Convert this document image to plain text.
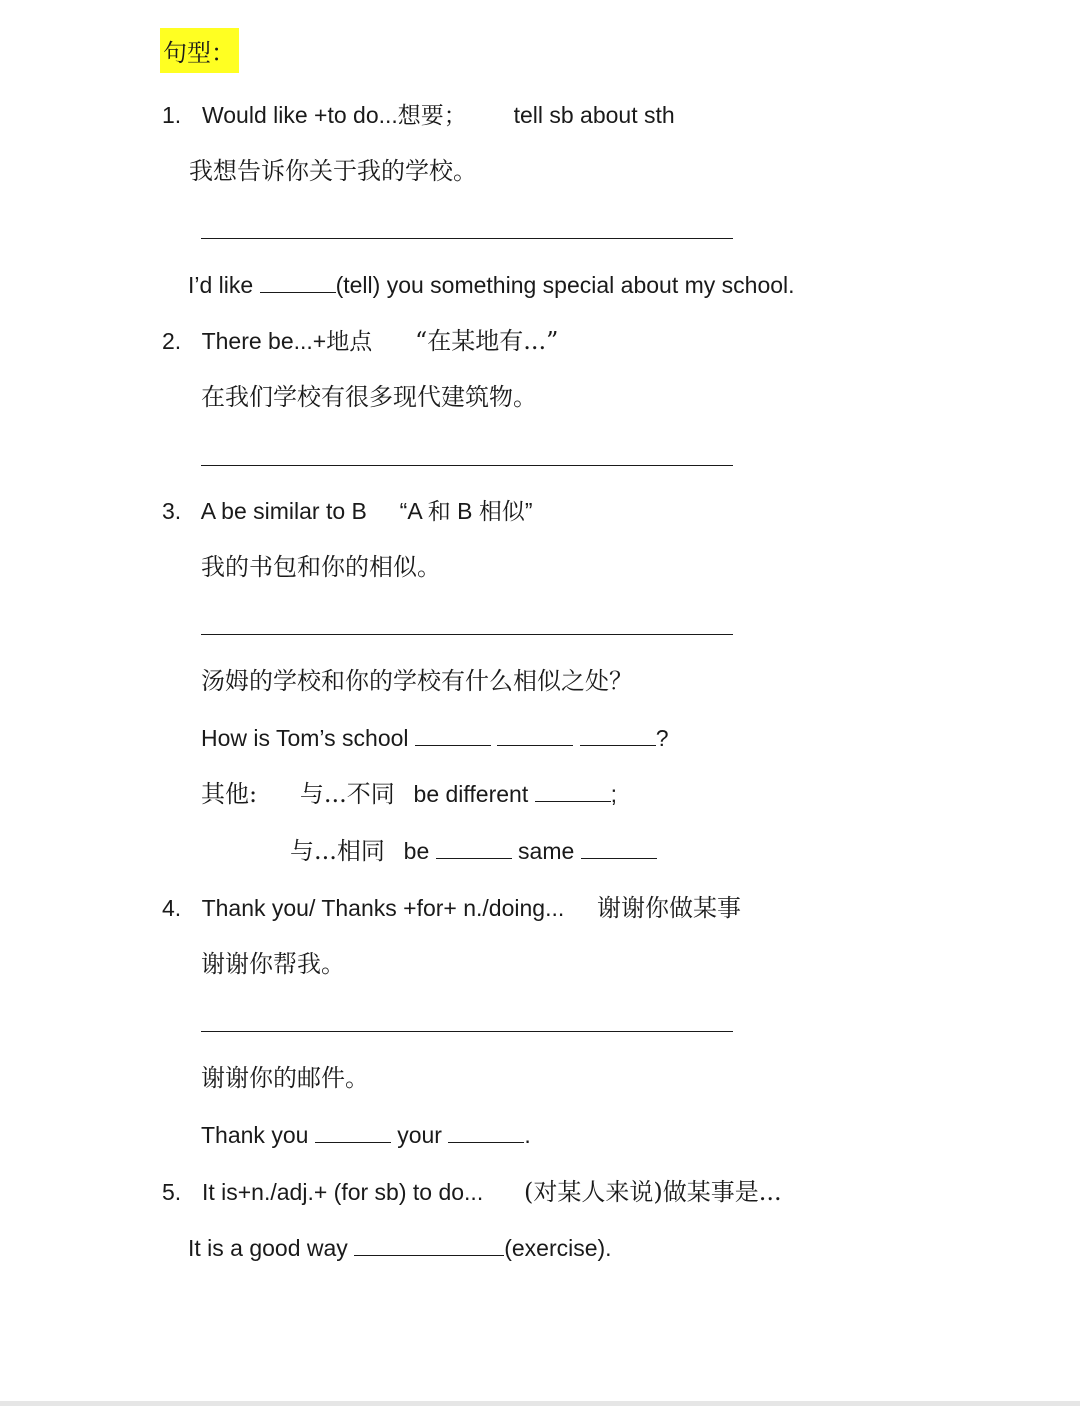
句型：
1. Would like +to do...想要； tell sb about sth
我想告诉你关于我的学校。
I’d like	(tell) you something special about my school.
2. There be...+地点 “在某地有...”
在我们学校有很多现代建筑物。
3. A be similar to B “A 和 B 相似”
我的书包和你的相似。
汤姆的学校和你的学校有什么相似之处？
How is Tom’s school	?
其他: 与...不同 be different	;
与...相同 be	same
4. Thank you/ Thanks +for+ n./doing... 谢谢你做某事
谢谢你帮我。
谢谢你的邮件。
Thank you	your	.
5. It is+n./adj.+ (for sb) to do... (对某人来说)做某事是...
It is a good way	(exercise).
